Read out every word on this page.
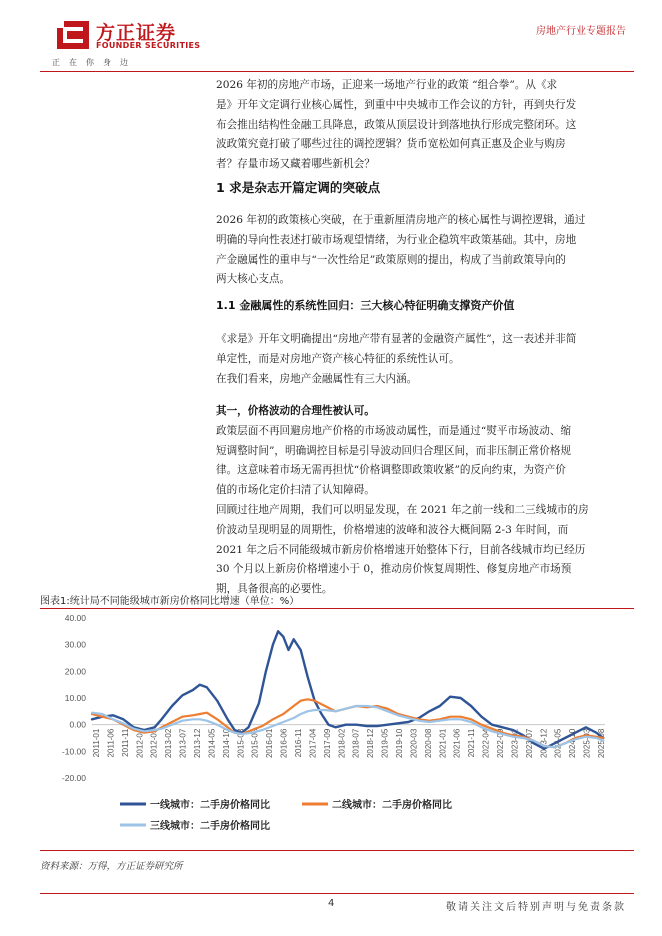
方正证券
FOUNDER SECURITIES
正在你身边
房地产行业专题报告
2026 年初的房地产市场，正迎来一场地产行业的政策 “组合拳”。从《求
是》开年文定调行业核心属性，到重中中央城市工作会议的方针，再到央行发
布会推出结构性金融工具降息，政策从顶层设计到落地执行形成完整闭环。这
波政策究竟打破了哪些过往的调控逻辑？货币宽松如何真正惠及企业与购房
者？存量市场又藏着哪些新机会？
1 求是杂志开篇定调的突破点
2026 年初的政策核心突破，在于重新厘清房地产的核心属性与调控逻辑，通过
明确的导向性表述打破市场观望情绪，为行业企稳筑牢政策基础。其中，房地
产金融属性的重申与“一次性给足”政策原则的提出，构成了当前政策导向的
两大核心支点。
1.1 金融属性的系统性回归：三大核心特征明确支撑资产价值
《求是》开年文明确提出“房地产带有显著的金融资产属性”，这一表述并非简
单定性，而是对房地产资产核心特征的系统性认可。
在我们看来，房地产金融属性有三大内涵。
其一，价格波动的合理性被认可。
政策层面不再回避房地产价格的市场波动属性，而是通过“熨平市场波动、缩
短调整时间”，明确调控目标是引导波动回归合理区间，而非压制正常价格规
律。这意味着市场无需再担忧“价格调整即政策收紧”的反向约束，为资产价
值的市场化定价扫清了认知障碍。
回顾过往地产周期，我们可以明显发现，在 2021 年之前一线和二三线城市的房
价波动呈现明显的周期性，价格增速的波峰和波谷大概间隔 2-3 年时间，而
2021 年之后不同能级城市新房价格增速开始整体下行，目前各线城市均已经历
30 个月以上新房价格增速小于 0，推动房价恢复周期性、修复房地产市场预
期，具备很高的必要性。
图表1:统计局不同能级城市新房价格同比增速（单位：%）
40.00
30.00
20.00
10.00
0.00
-10.00
-20.00
2011-01 2011-06 2011-11 2012-04 2012-09 2013-02 2013-07 2013-12 2014-05 2014-10 2015-03 2015-08 2016-01 2016-06 2016-11 2017-04 2017-09 2018-02 2018-07 2018-12 2019-05 2019-10 2020-03 2020-08 2021-01 2021-06 2021-11 2022-04 2022-09 2023-02 2023-07 2023-12 2024-05 2024-10 2025-03 2025-08
一线城市：二手房价格同比	二线城市：二手房价格同比
三线城市：二手房价格同比
资料来源：万得，方正证券研究所
4	敬请关注文后特别声明与免责条款
